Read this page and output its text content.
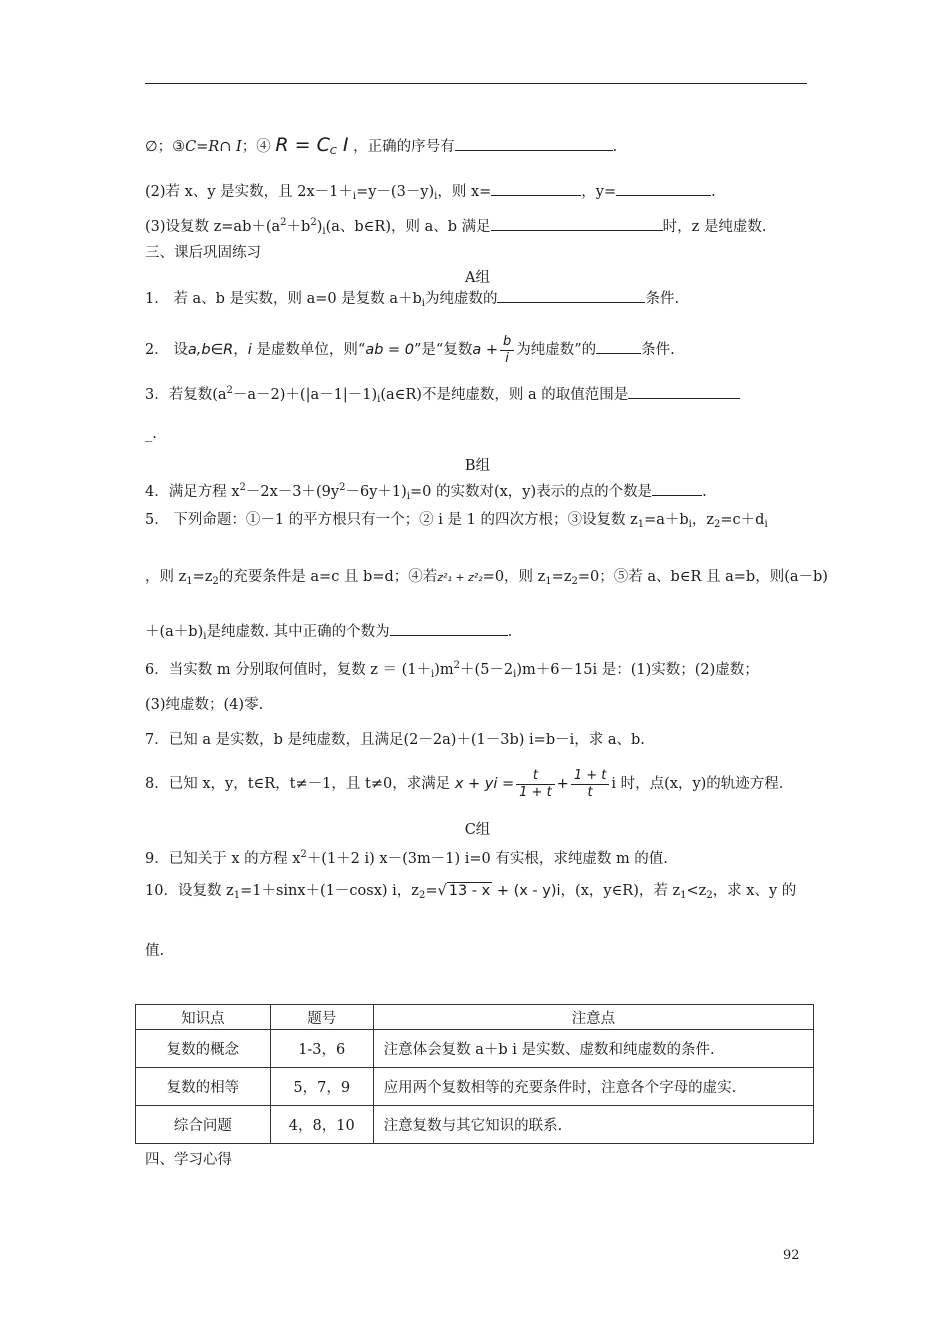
∅；③C=R∩ I；④ $R = C_C$ I ，正确的序号有	.
(2)若 x、y 是实数，且 $2x-1+_i=y-(3-y)_i$，则 x=	，y=	.
(3)设复数 $z=ab+(a^2+b^2)_i(a$、b∈R)，则 a、b 满足	时，z 是纯虚数.
三、课后巩固练习
A组
1． 若 a、b 是实数，则 a=0 是复数 $a+b_i$为纯虚数的	条件.
2． 设a,b∈R，i 是虚数单位，则“ab = 0”是“复数$a + \frac{b}{i}$ 为纯虚数”的	条件.
3．若复数$(a^2-a-2)+(|a-1|-1)_i(a\in R)$不是纯虚数，则 a 的取值范围是
_.
B组
4．满足方程 $x^2-2x-3+(9y^2-6y+1)_i=0$ 的实数对(x，y)表示的点的个数是	.
5． 下列命题：①－1 的平方根只有一个；② i 是 1 的四次方根；③设复数 $z_1=a+b_i$，$z_2=c+d_i$
，则 $z_1=z_2$的充要条件是 a=c 且 b=d；④若z²₁ + z²₂=0，则 $z_1=z_2=0$；⑤若 a、b∈R 且 a=b，则(a－b)
$+(a+b)_i$是纯虚数. 其中正确的个数为	.
6．当实数 m 分别取何值时，复数 $z = (1+_i)m^2+(5-2_i)m+6-15i$ 是：(1)实数；(2)虚数；
(3)纯虚数；(4)零.
7．已知 a 是实数，b 是纯虚数，且满足(2－2a)＋(1－3b) i=b－i，求 a、b.
8．已知 x，y，t∈R，t≠－1，且 t≠0，求满足 x + yi = $\frac{t}{1 + t} + \frac{1 + t}{t}$ i 时，点(x，y)的轨迹方程.
C组
9．已知关于 x 的方程 $x^2+(1+2$ i) x－(3m－1) i=0 有实根，求纯虚数 m 的值.
10．设复数 $z_1=1+\sin x+(1-\cos x)$ i，$z_2=√$ 13 - x + (x - y)i，(x，y∈R)，若 $z_1<z_2$，求 x、y 的
值.
知识点	题号	注意点
复数的概念	1-3，6	注意体会复数 a＋b i 是实数、虚数和纯虚数的条件.
复数的相等	5，7，9	应用两个复数相等的充要条件时，注意各个字母的虚实.
综合问题	4，8，10	注意复数与其它知识的联系.
四、学习心得
92
